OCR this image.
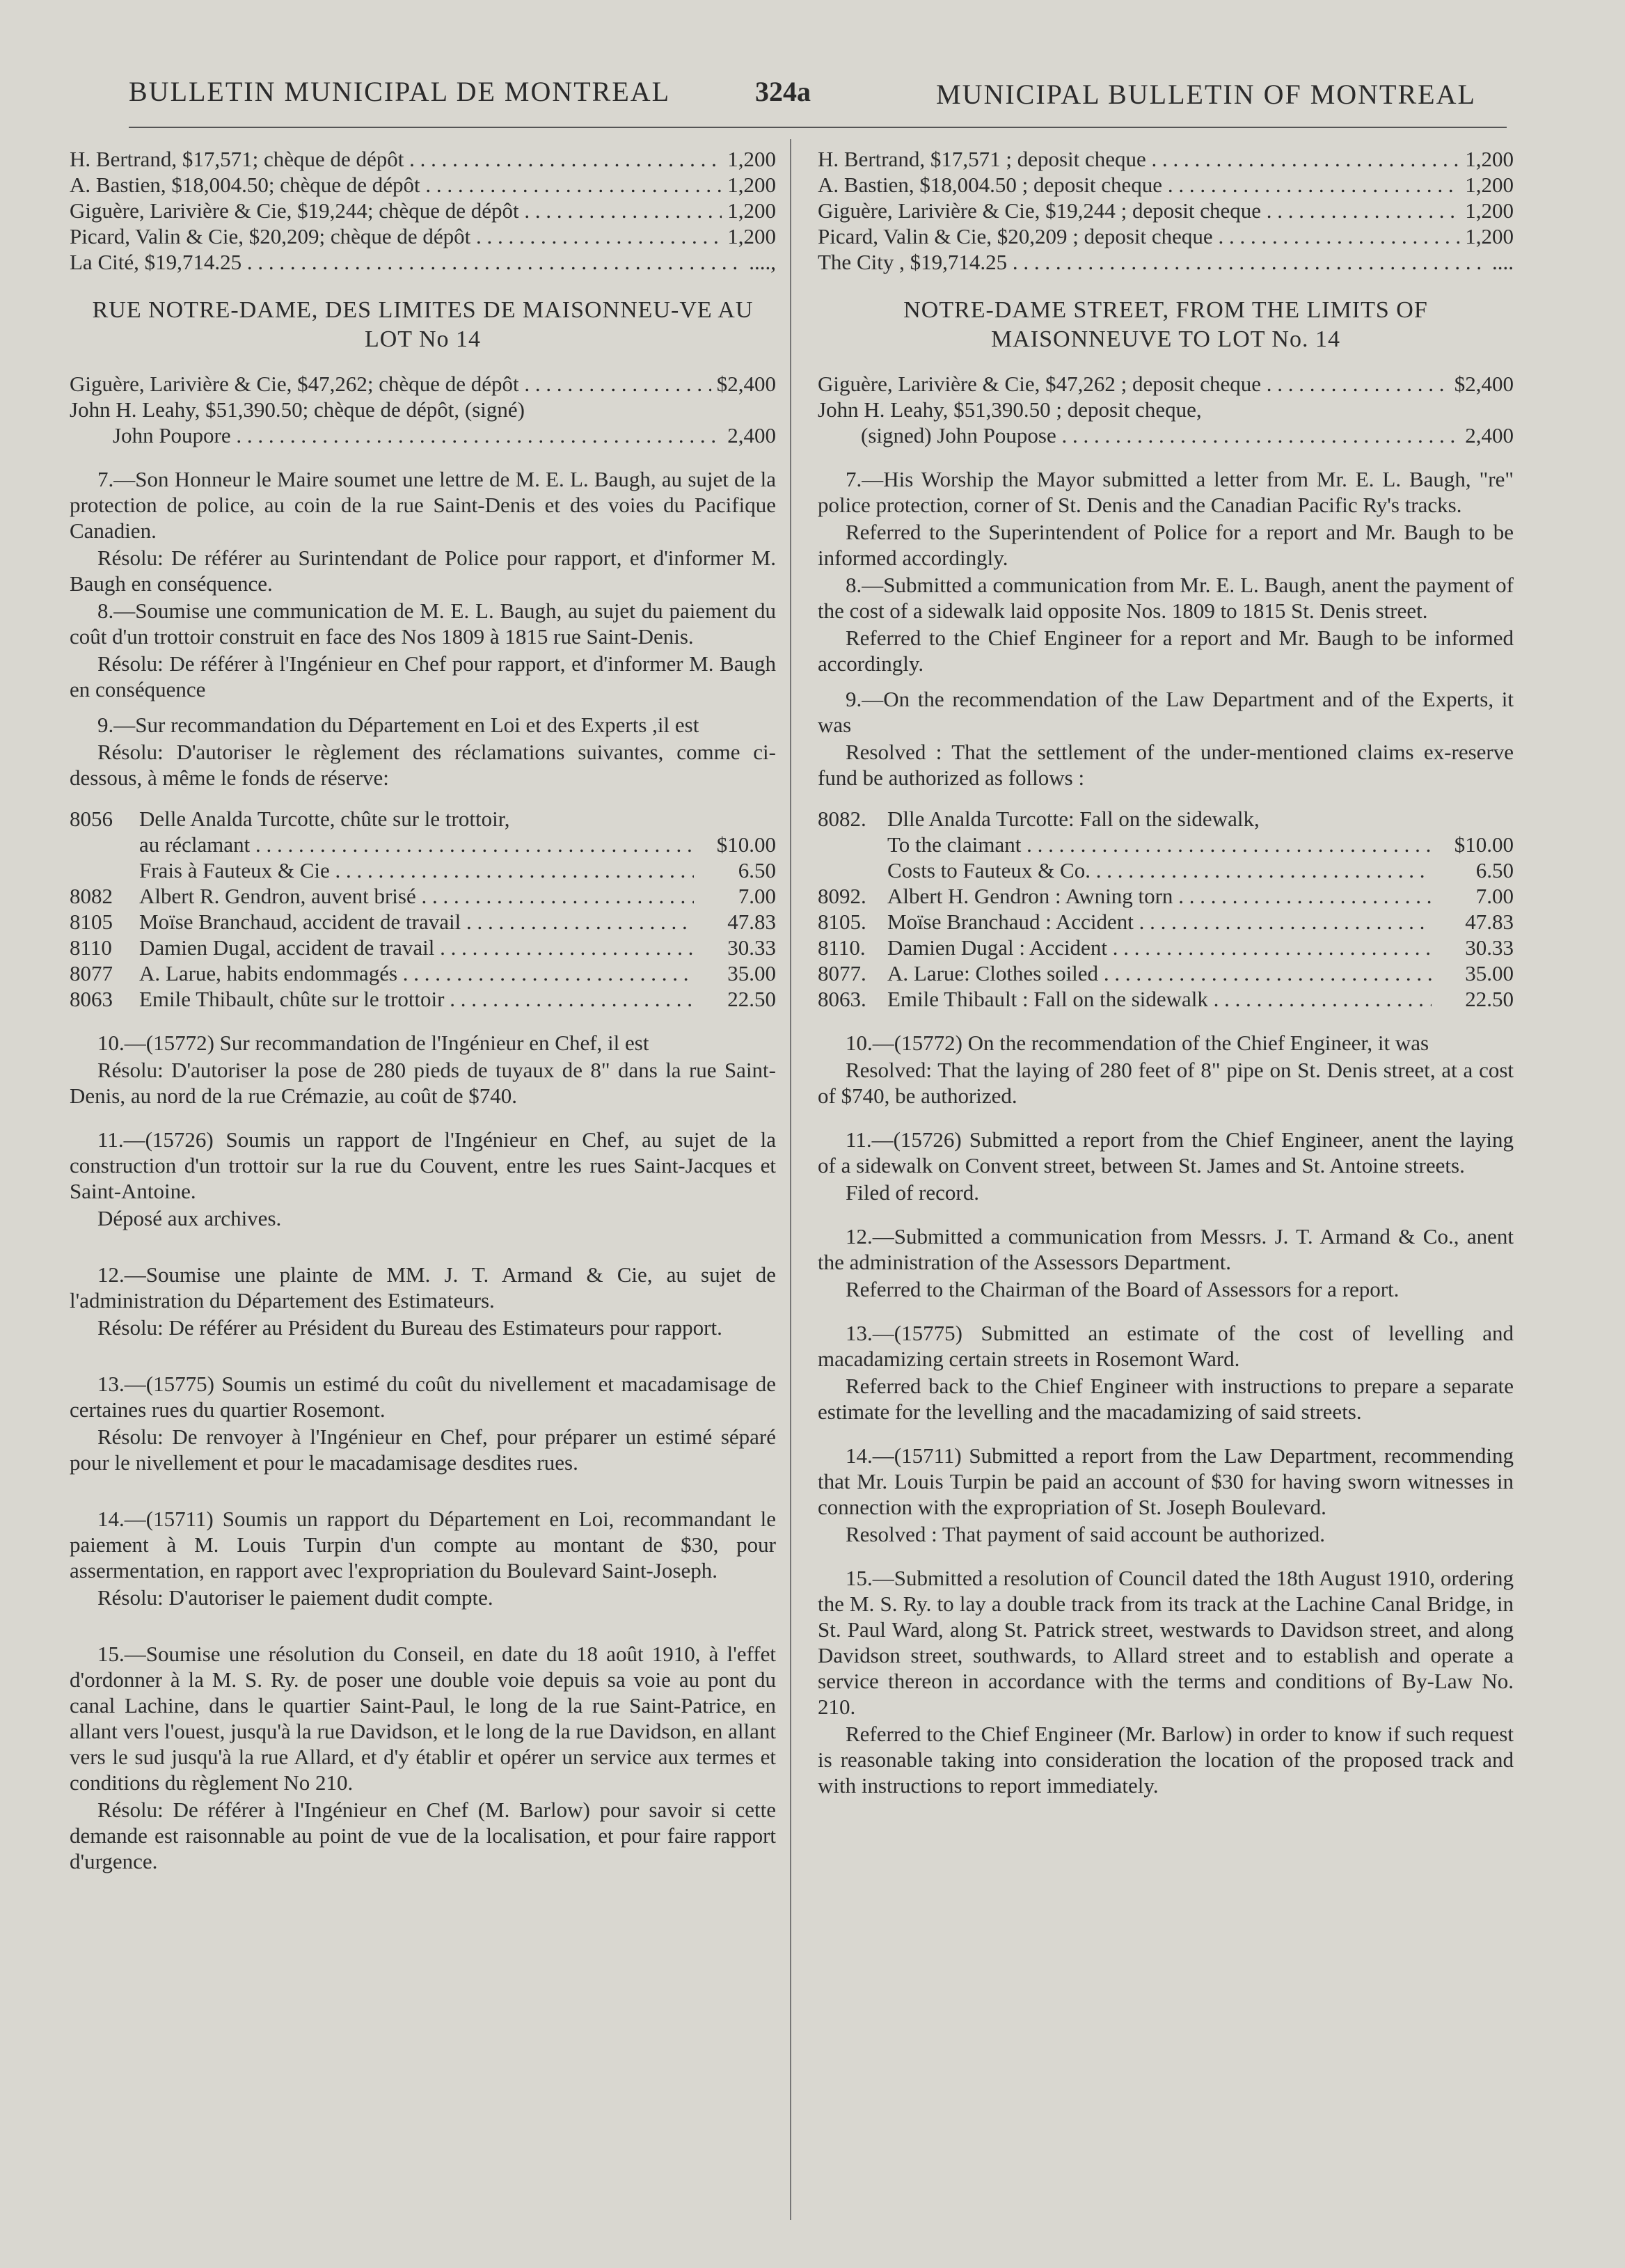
BULLETIN MUNICIPAL DE MONTREAL	324a	MUNICIPAL BULLETIN OF MONTREAL
H. Bertrand, $17,571; chèque de dépôt . . .	1,200
A. Bastien, $18,004.50; chèque de dépôt . . .	1,200
Giguère, Larivière & Cie, $19,244; chèque de dépôt . . .	1,200
Picard, Valin & Cie, $20,209; chèque de dépôt . . .	1,200
La Cité, $19,714.25 . . .	....,
RUE NOTRE-DAME, DES LIMITES DE MAISONNEU-VE AU LOT No 14
Giguère, Larivière & Cie, $47,262; chèque de dépôt . . .	$2,400
John H. Leahy, $51,390.50; chèque de dépôt, (signé)
John Poupore . . .	2,400

7.—Son Honneur le Maire soumet une lettre de M. E. L. Baugh, au sujet de la protection de police, au coin de la rue Saint-Denis et des voies du Pacifique Canadien.

Résolu: De référer au Surintendant de Police pour rapport, et d'informer M. Baugh en conséquence.

8.—Soumise une communication de M. E. L. Baugh, au sujet du paiement du coût d'un trottoir construit en face des Nos 1809 à 1815 rue Saint-Denis.

Résolu: De référer à l'Ingénieur en Chef pour rapport, et d'informer M. Baugh en conséquence

9.—Sur recommandation du Département en Loi et des Experts ,il est

Résolu: D'autoriser le règlement des réclamations suivantes, comme ci-dessous, à même le fonds de réserve:

8056	Delle Analda Turcotte, chûte sur le trottoir,
au réclamant . . .	$10.00
Frais à Fauteux & Cie . . .	6.50
8082	Albert R. Gendron, auvent brisé . . .	7.00
8105	Moïse Branchaud, accident de travail . . .	47.83
8110	Damien Dugal, accident de travail . . .	30.33
8077	A. Larue, habits endommagés . . .	35.00
8063	Emile Thibault, chûte sur le trottoir . . .	22.50

10.—(15772) Sur recommandation de l'Ingénieur en Chef, il est

Résolu: D'autoriser la pose de 280 pieds de tuyaux de 8" dans la rue Saint-Denis, au nord de la rue Crémazie, au coût de $740.

11.—(15726) Soumis un rapport de l'Ingénieur en Chef, au sujet de la construction d'un trottoir sur la rue du Couvent, entre les rues Saint-Jacques et Saint-Antoine.

Déposé aux archives.

12.—Soumise une plainte de MM. J. T. Armand & Cie, au sujet de l'administration du Département des Estimateurs.

Résolu: De référer au Président du Bureau des Estimateurs pour rapport.

13.—(15775) Soumis un estimé du coût du nivellement et macadamisage de certaines rues du quartier Rosemont.

Résolu: De renvoyer à l'Ingénieur en Chef, pour préparer un estimé séparé pour le nivellement et pour le macadamisage desdites rues.

14.—(15711) Soumis un rapport du Département en Loi, recommandant le paiement à M. Louis Turpin d'un compte au montant de $30, pour assermentation, en rapport avec l'expropriation du Boulevard Saint-Joseph.

Résolu: D'autoriser le paiement dudit compte.

15.—Soumise une résolution du Conseil, en date du 18 août 1910, à l'effet d'ordonner à la M. S. Ry. de poser une double voie depuis sa voie au pont du canal Lachine, dans le quartier Saint-Paul, le long de la rue Saint-Patrice, en allant vers l'ouest, jusqu'à la rue Davidson, et le long de la rue Davidson, en allant vers le sud jusqu'à la rue Allard, et d'y établir et opérer un service aux termes et conditions du règlement No 210.

Résolu: De référer à l'Ingénieur en Chef (M. Barlow) pour savoir si cette demande est raisonnable au point de vue de la localisation, et pour faire rapport d'urgence.

H. Bertrand, $17,571 ; deposit cheque . . .	1,200
A. Bastien, $18,004.50 ; deposit cheque . . .	1,200
Giguère, Larivière & Cie, $19,244 ; deposit cheque . . .	1,200
Picard, Valin & Cie, $20,209 ; deposit cheque . . .	1,200
The City , $19,714.25 . . .	....
NOTRE-DAME STREET, FROM THE LIMITS OF MAISONNEUVE TO LOT No. 14
Giguère, Larivière & Cie, $47,262 ; deposit cheque . . .	$2,400
John H. Leahy, $51,390.50 ; deposit cheque,
(signed) John Poupose . . .	2,400

7.—His Worship the Mayor submitted a letter from Mr. E. L. Baugh, "re" police protection, corner of St. Denis and the Canadian Pacific Ry's tracks.

Referred to the Superintendent of Police for a report and Mr. Baugh to be informed accordingly.

8.—Submitted a communication from Mr. E. L. Baugh, anent the payment of the cost of a sidewalk laid opposite Nos. 1809 to 1815 St. Denis street.

Referred to the Chief Engineer for a report and Mr. Baugh to be informed accordingly.

9.—On the recommendation of the Law Department and of the Experts, it was

Resolved : That the settlement of the under-mentioned claims ex-reserve fund be authorized as follows :

8082. Dlle Analda Turcotte: Fall on the sidewalk,
To the claimant . . .	$10.00
Costs to Fauteux & Co. . . .	6.50
8092. Albert H. Gendron : Awning torn . . .	7.00
8105. Moïse Branchaud : Accident . . .	47.83
8110.	Damien Dugal : Accident . . .	30.33
8077. A. Larue: Clothes soiled . . .	35.00
8063. Emile Thibault : Fall on the sidewalk . . .	22.50

10.—(15772) On the recommendation of the Chief Engineer, it was

Resolved: That the laying of 280 feet of 8" pipe on St. Denis street, at a cost of $740, be authorized.

11.—(15726) Submitted a report from the Chief Engineer, anent the laying of a sidewalk on Convent street, between St. James and St. Antoine streets.

Filed of record.

12.—Submitted a communication from Messrs. J. T. Armand & Co., anent the administration of the Assessors Department.

Referred to the Chairman of the Board of Assessors for a report.

13.—(15775) Submitted an estimate of the cost of levelling and macadamizing certain streets in Rosemont Ward.

Referred back to the Chief Engineer with instructions to prepare a separate estimate for the levelling and the macadamizing of said streets.

14.—(15711) Submitted a report from the Law Department, recommending that Mr. Louis Turpin be paid an account of $30 for having sworn witnesses in connection with the expropriation of St. Joseph Boulevard.

Resolved : That payment of said account be authorized.

15.—Submitted a resolution of Council dated the 18th August 1910, ordering the M. S. Ry. to lay a double track from its track at the Lachine Canal Bridge, in St. Paul Ward, along St. Patrick street, westwards to Davidson street, and along Davidson street, southwards, to Allard street and to establish and operate a service thereon in accordance with the terms and conditions of By-Law No. 210.

Referred to the Chief Engineer (Mr. Barlow) in order to know if such request is reasonable taking into consideration the location of the proposed track and with instructions to report immediately.
